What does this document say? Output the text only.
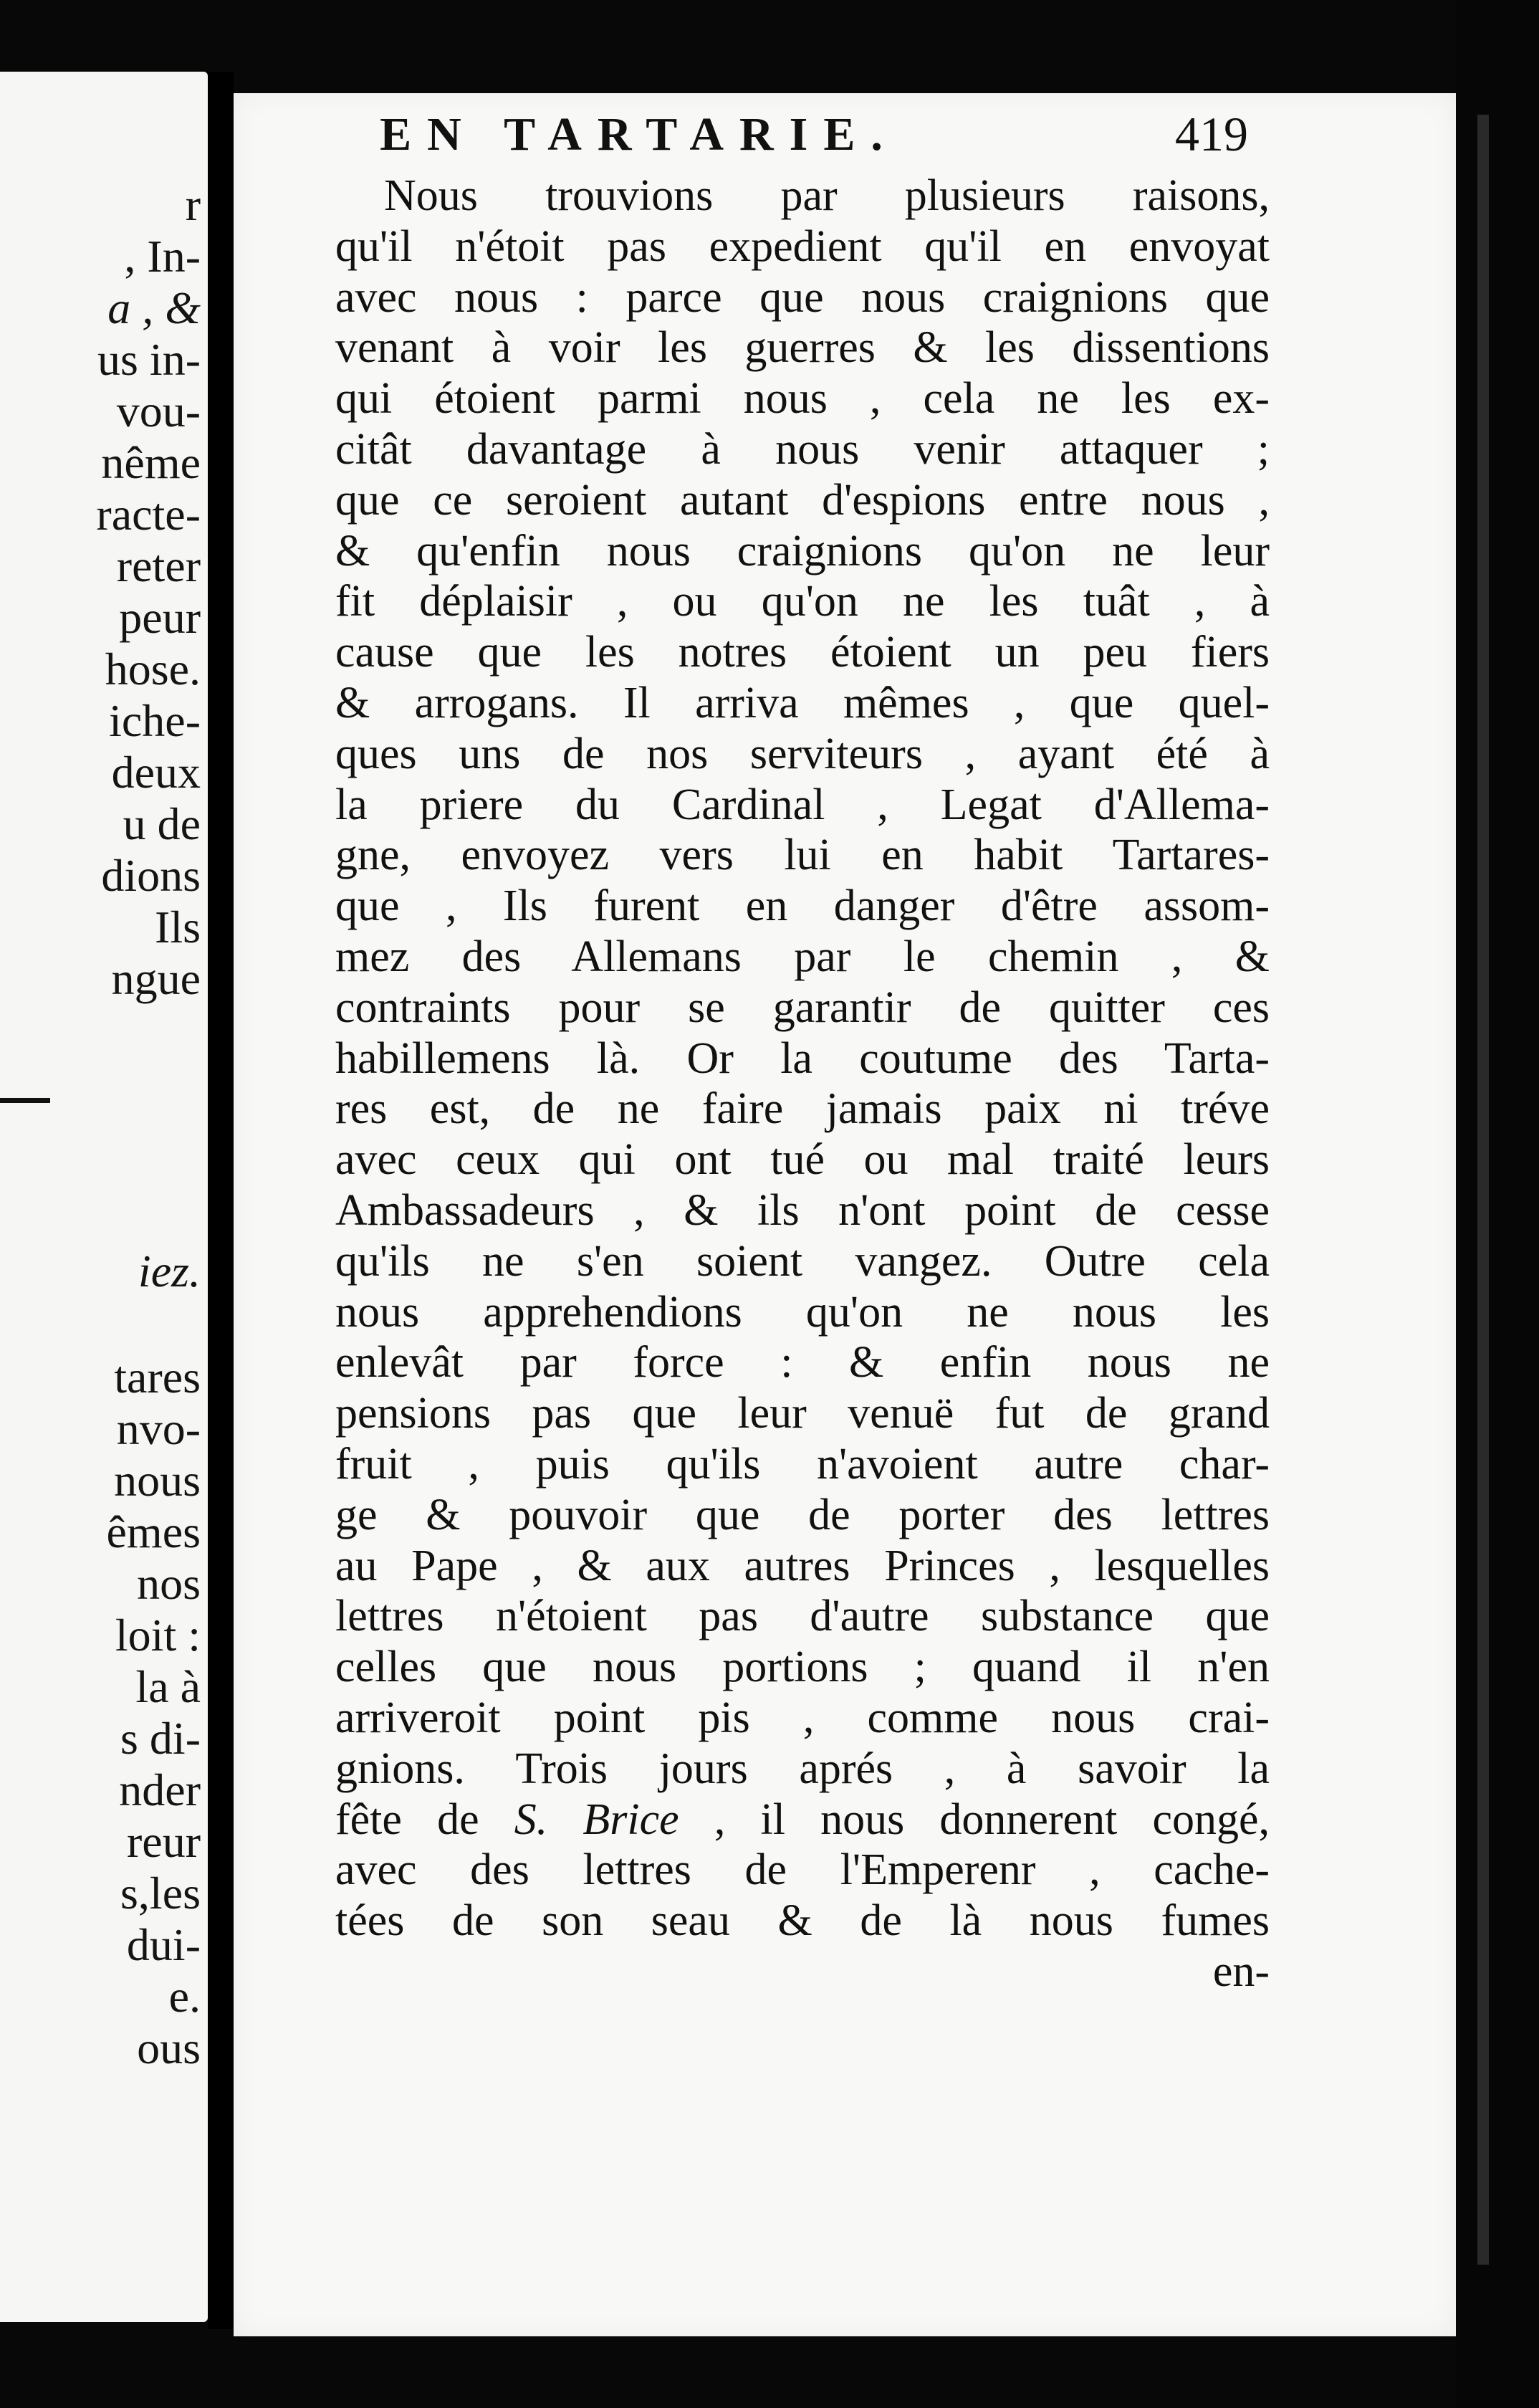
r
, In-
a , &
us in-
vou-
nême
racte-
reter
peur
hose.
iche-
deux
u de
dions
Ils
ngue
iez.
tares
nvo-
nous
êmes
nos
loit :
la à
s di-
nder
reur
s,les
dui-
e.
ous
EN TARTARIE.	419
Nous trouvions par plusieurs raisons,
qu'il n'étoit pas expedient qu'il en envoyat
avec nous : parce que nous craignions que
venant à voir les guerres & les dissentions
qui étoient parmi nous , cela ne les ex-
citât davantage à nous venir attaquer ;
que ce seroient autant d'espions entre nous ,
& qu'enfin nous craignions qu'on ne leur
fit déplaisir , ou qu'on ne les tuât , à
cause que les notres étoient un peu fiers
& arrogans. Il arriva mêmes , que quel-
ques uns de nos serviteurs , ayant été à
la priere du Cardinal , Legat d'Allema-
gne, envoyez vers lui en habit Tartares-
que , Ils furent en danger d'être assom-
mez des Allemans par le chemin , &
contraints pour se garantir de quitter ces
habillemens là. Or la coutume des Tarta-
res est, de ne faire jamais paix ni tréve
avec ceux qui ont tué ou mal traité leurs
Ambassadeurs , & ils n'ont point de cesse
qu'ils ne s'en soient vangez. Outre cela
nous apprehendions qu'on ne nous les
enlevât par force : & enfin nous ne
pensions pas que leur venuë fut de grand
fruit , puis qu'ils n'avoient autre char-
ge & pouvoir que de porter des lettres
au Pape , & aux autres Princes , lesquelles
lettres n'étoient pas d'autre substance que
celles que nous portions ; quand il n'en
arriveroit point pis , comme nous crai-
gnions. Trois jours aprés , à savoir la
fête de S. Brice , il nous donnerent congé,
avec des lettres de l'Emperenr , cache-
tées de son seau & de là nous fumes
en-
